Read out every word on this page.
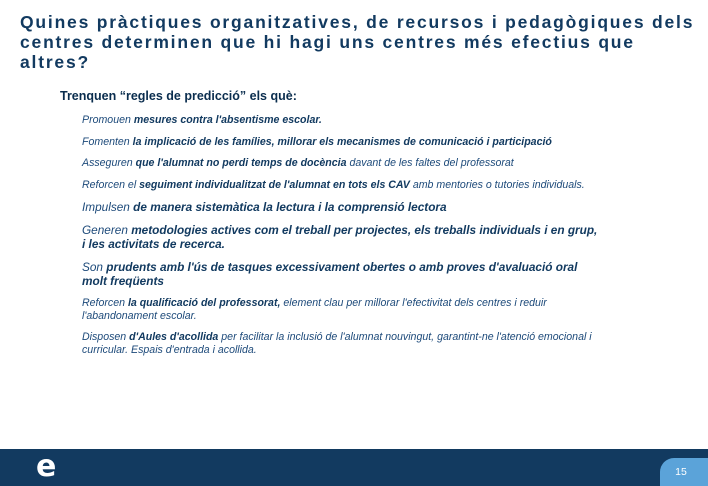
Quines pràctiques organitzatives, de recursos i pedagògiques dels centres determinen que hi hagi uns centres més efectius que altres?

Trenquen “regles de predicció” els què:

Promouen mesures contra l'absentisme escolar.

Fomenten la implicació de les famílies, millorar els mecanismes de comunicació i participació

Asseguren que l'alumnat no perdi temps de docència davant de les faltes del professorat

Reforcen el seguiment individualitzat de l'alumnat en tots els CAV amb mentories o tutories individuals.

Impulsen de manera sistemàtica la lectura i la comprensió lectora

Generen metodologies actives com el treball per projectes, els treballs individuals i en grup, i les activitats de recerca.

Son prudents amb l'ús de tasques excessivament obertes o amb proves d'avaluació oral molt freqüents

Reforcen la qualificació del professorat, element clau per millorar l'efectivitat dels centres i reduir l'abandonament escolar.

Disposen d'Aules d'acollida per facilitar la inclusió de l'alumnat nouvingut, garantint-ne l'atenció emocional i curricular. Espais d'entrada i acollida.

e	15
